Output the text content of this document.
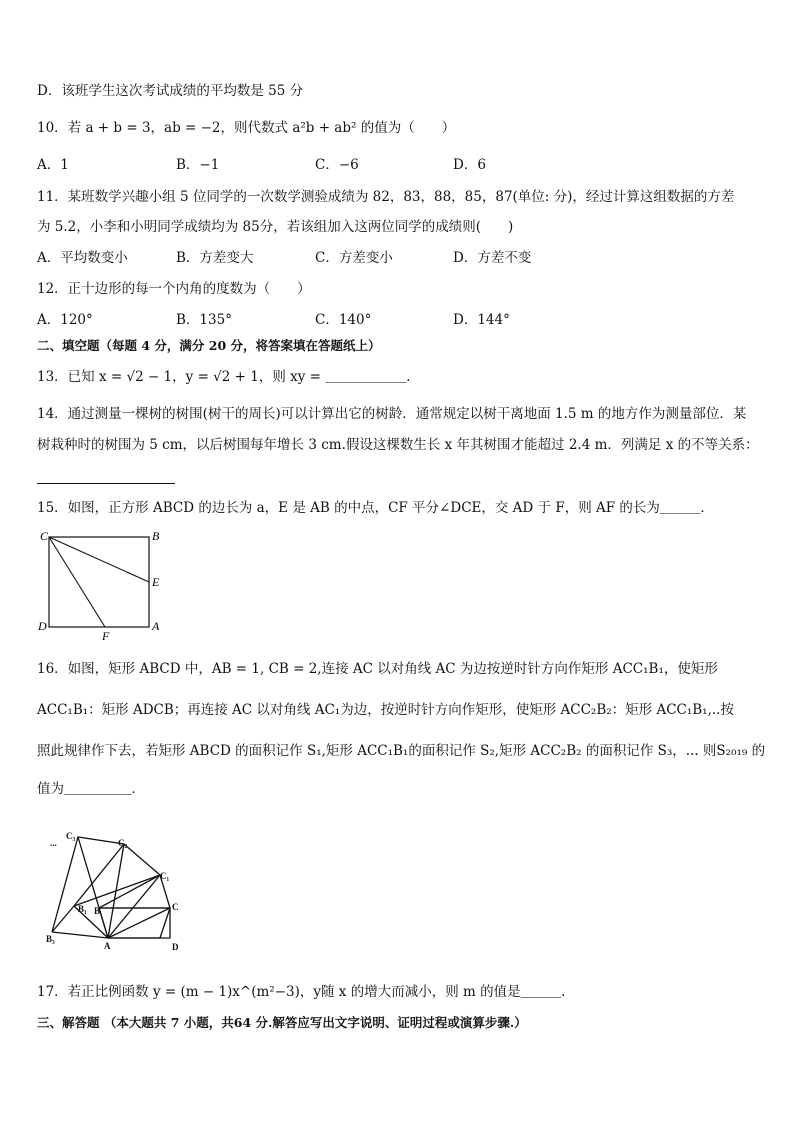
D．该班学生这次考试成绩的平均数是 55 分
10．若 a + b = 3，ab = −2，则代数式 a²b + ab² 的值为（　　）
A．1	B．−1	C．−6	D．6
11．某班数学兴趣小组 5 位同学的一次数学测验成绩为 82，83，88，85，87(单位: 分)，经过计算这组数据的方差
为 5.2，小李和小明同学成绩均为 85分，若该组加入这两位同学的成绩则(　　)
A．平均数变小	B．方差变大	C．方差变小	D．方差不变
12．正十边形的每一个内角的度数为（　　）
A．120°	B．135°	C．140°	D．144°
二、填空题（每题 4 分，满分 20 分，将答案填在答题纸上）
13．已知 x = √2 − 1，y = √2 + 1，则 xy = ＿＿＿＿＿＿．
14．通过测量一棵树的树围(树干的周长)可以计算出它的树龄．通常规定以树干离地面 1.5 m 的地方作为测量部位．某
树栽种时的树围为 5 cm，以后树围每年增长 3 cm.假设这棵数生长 x 年其树围才能超过 2.4 m．列满足 x 的不等关系：
15．如图，正方形 ABCD 的边长为 a，E 是 AB 的中点，CF 平分∠DCE，交 AD 于 F，则 AF 的长为＿＿＿．
C	B
E
D
F
A
16．如图，矩形 ABCD 中，AB = 1, CB = 2,连接 AC 以对角线 AC 为边按逆时针方向作矩形 ACC₁B₁，使矩形
ACC₁B₁：矩形 ADCB；再连接 AC 以对角线 AC₁为边，按逆时针方向作矩形，使矩形 ACC₂B₂：矩形 ACC₁B₁,..按
照此规律作下去，若矩形 ABCD 的面积记作 S₁,矩形 ACC₁B₁的面积记作 S₂,矩形 ACC₂B₂ 的面积记作 S₃，... 则S₂₀₁₉ 的
值为＿＿＿＿＿．
...
C₃
C₂
C₁
C
B₁ B
B₃
A	D
17．若正比例函数 y = (m − 1)x^(m²−3)，y随 x 的增大而减小，则 m 的值是＿＿＿.
三、解答题 （本大题共 7 小题，共64 分.解答应写出文字说明、证明过程或演算步骤.）
